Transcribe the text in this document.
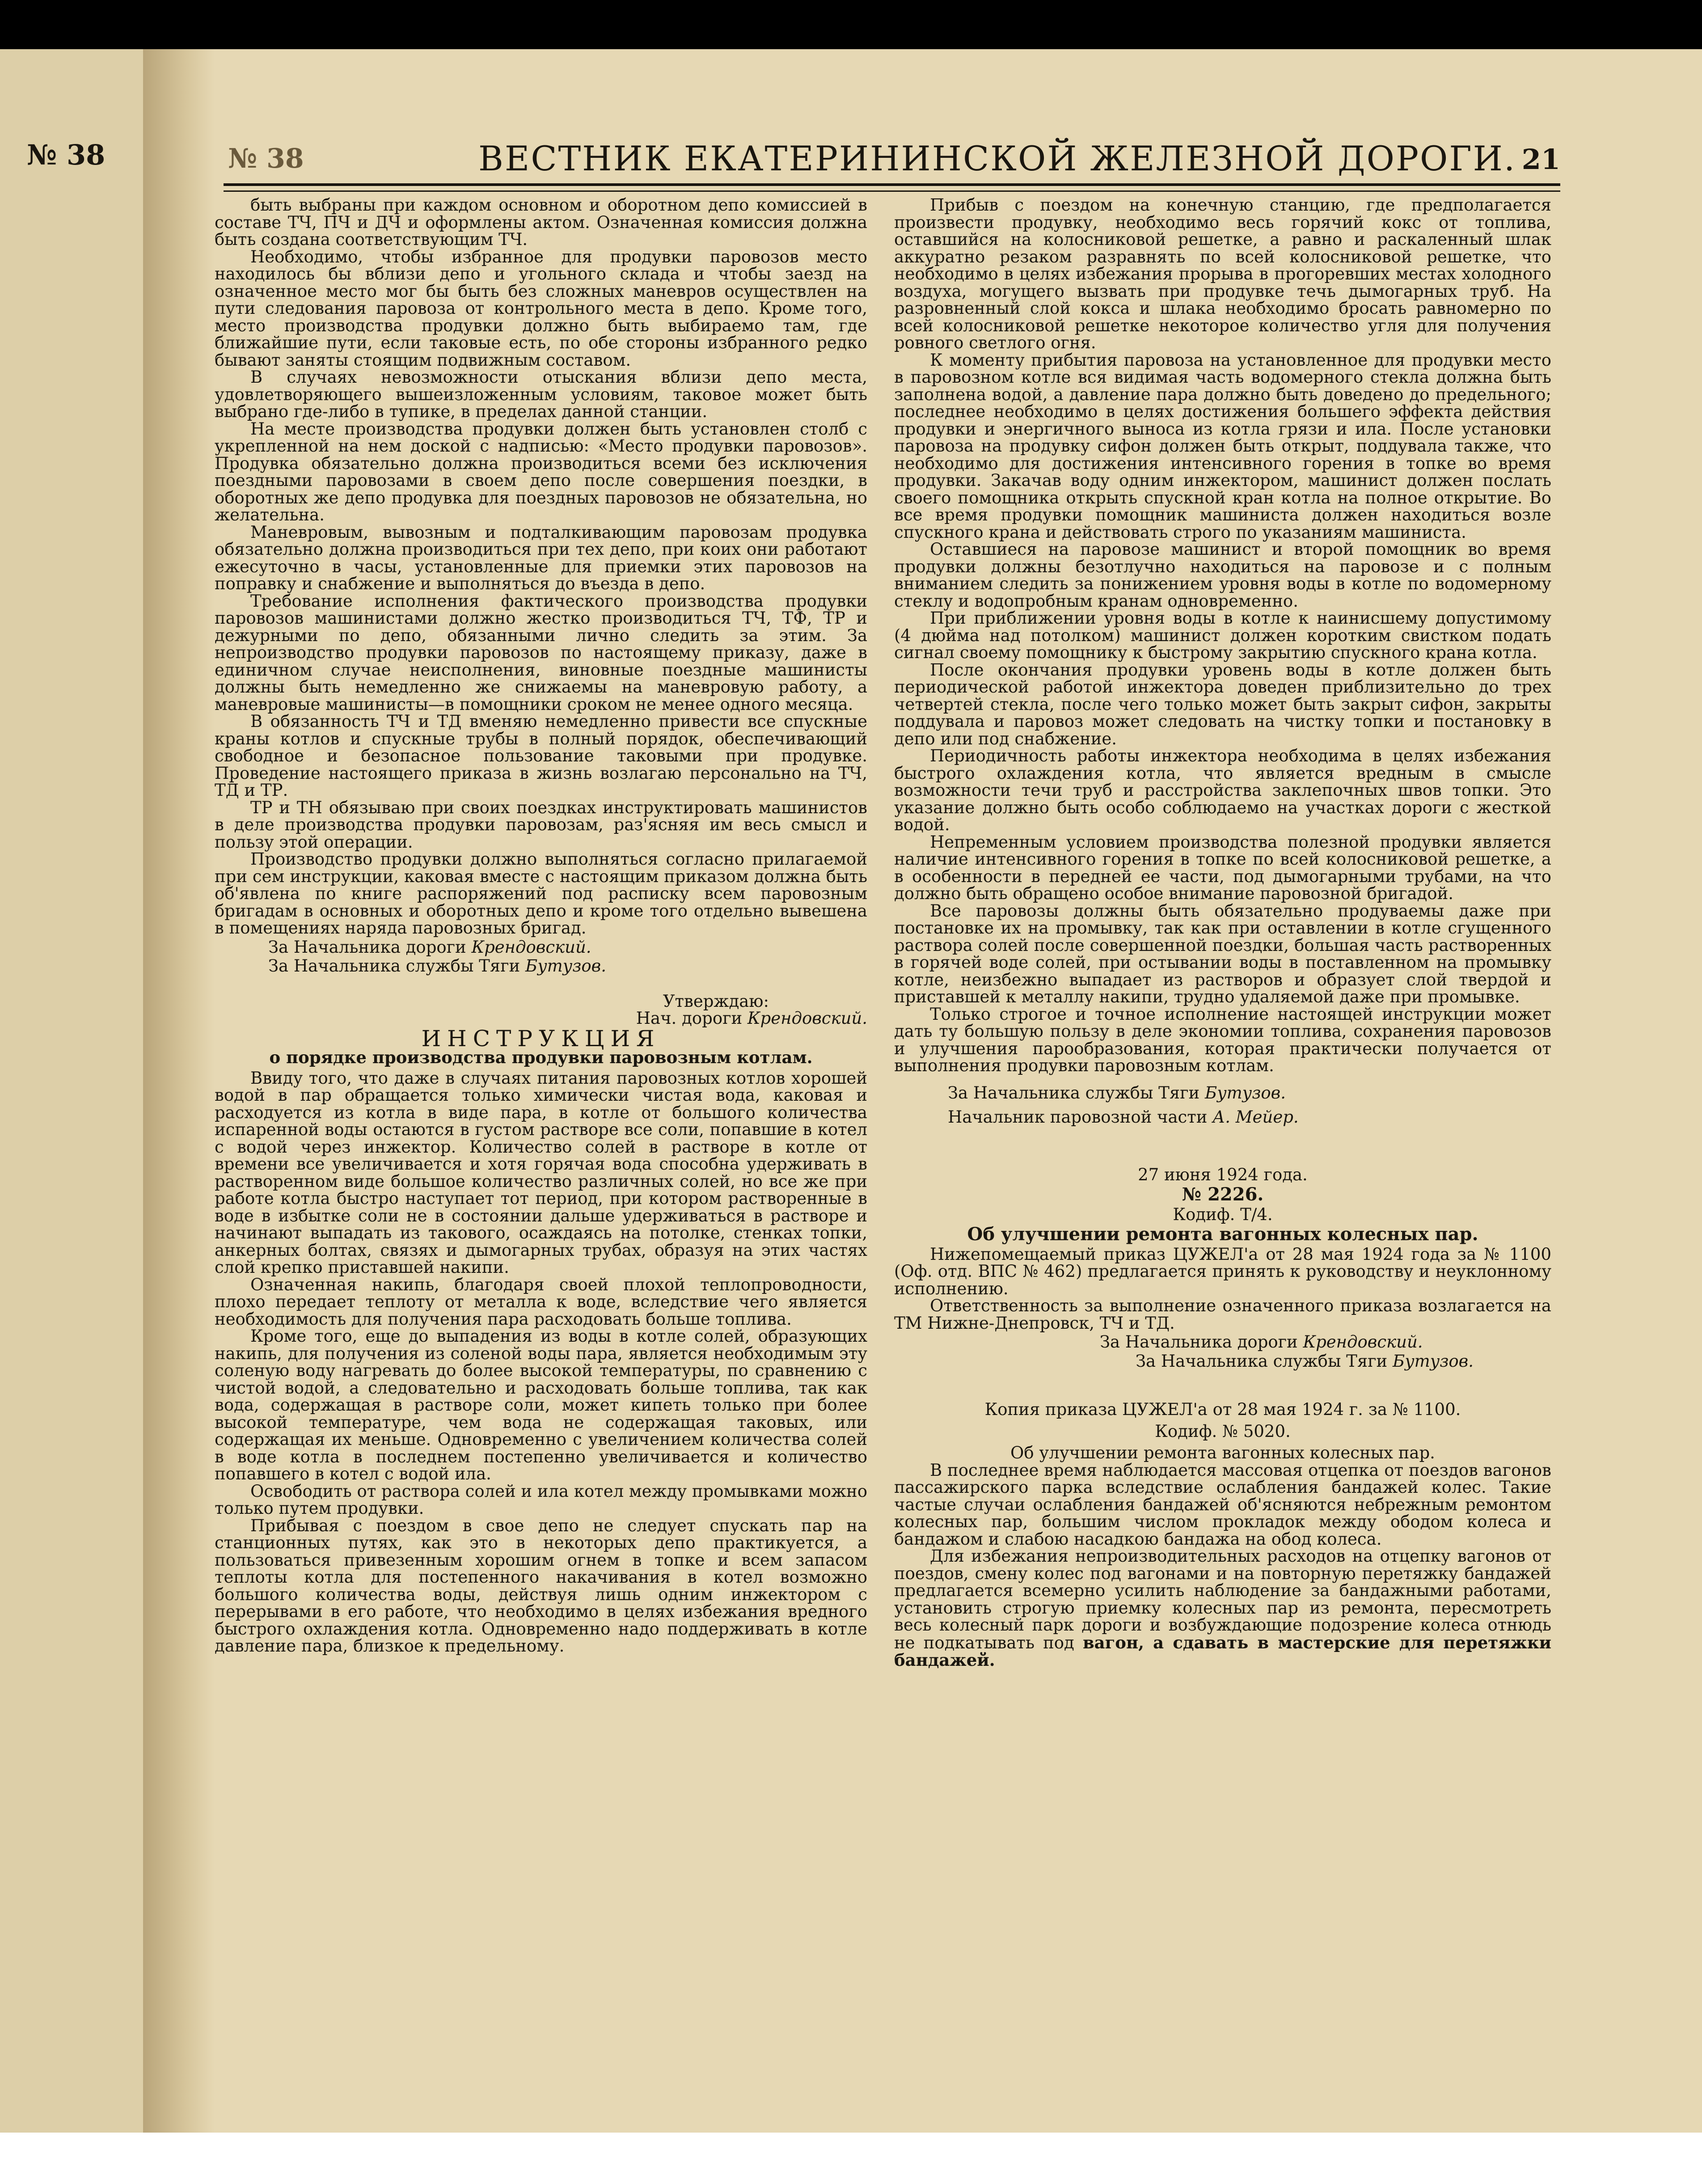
№ 38	№ 38	ВЕСТНИК ЕКАТЕРИНИНСКОЙ ЖЕЛЕЗНОЙ ДОРОГИ. 21

быть выбраны при каждом основном и оборотном депо комиссией в составе ТЧ, ПЧ и ДЧ и оформлены актом. Означенная комиссия должна быть создана соответствующим ТЧ.

Необходимо, чтобы избранное для продувки паровозов место находилось бы вблизи депо и угольного склада и чтобы заезд на означенное место мог бы быть без сложных маневров осуществлен на пути следования паровоза от контрольного места в депо. Кроме того, место производства продувки должно быть выбираемо там, где ближайшие пути, если таковые есть, по обе стороны избранного редко бывают заняты стоящим подвижным составом.

В случаях невозможности отыскания вблизи депо места, удовлетворяющего вышеизложенным условиям, таковое может быть выбрано где-либо в тупике, в пределах данной станции.

На месте производства продувки должен быть установлен столб с укрепленной на нем доской с надписью: «Место продувки паровозов». Продувка обязательно должна производиться всеми без исключения поездными паровозами в своем депо после совершения поездки, в оборотных же депо продувка для поездных паровозов не обязательна, но желательна.

Маневровым, вывозным и подталкивающим паровозам продувка обязательно должна производиться при тех депо, при коих они работают ежесуточно в часы, установленные для приемки этих паровозов на поправку и снабжение и выполняться до въезда в депо.

Требование исполнения фактического производства продувки паровозов машинистами должно жестко производиться ТЧ, ТФ, ТР и дежурными по депо, обязанными лично следить за этим. За непроизводство продувки паровозов по настоящему приказу, даже в единичном случае неисполнения, виновные поездные машинисты должны быть немедленно же снижаемы на маневровую работу, а маневровые машинисты—в помощники сроком не менее одного месяца.

В обязанность ТЧ и ТД вменяю немедленно привести все спускные краны котлов и спускные трубы в полный порядок, обеспечивающий свободное и безопасное пользование таковыми при продувке. Проведение настоящего приказа в жизнь возлагаю персонально на ТЧ, ТД и ТР.

ТР и ТН обязываю при своих поездках инструктировать машинистов в деле производства продувки паровозам, раз'ясняя им весь смысл и пользу этой операции.

Производство продувки должно выполняться согласно прилагаемой при сем инструкции, каковая вместе с настоящим приказом должна быть об'явлена по книге распоряжений под расписку всем паровозным бригадам в основных и оборотных депо и кроме того отдельно вывешена в помещениях наряда паровозных бригад.

За Начальника дороги Крендовский.
За Начальника службы Тяги Бутузов.
Утверждаю:
Нач. дороги Крендовский.
ИНСТРУКЦИЯ
о порядке производства продувки паровозным котлам.

Ввиду того, что даже в случаях питания паровозных котлов хорошей водой в пар обращается только химически чистая вода, каковая и расходуется из котла в виде пара, в котле от большого количества испаренной воды остаются в густом растворе все соли, попавшие в котел с водой через инжектор. Количество солей в растворе в котле от времени все увеличивается и хотя горячая вода способна удерживать в растворенном виде большое количество различных солей, но все же при работе котла быстро наступает тот период, при котором растворенные в воде в избытке соли не в состоянии дальше удерживаться в растворе и начинают выпадать из такового, осаждаясь на потолке, стенках топки, анкерных болтах, связях и дымогарных трубах, образуя на этих частях слой крепко приставшей накипи.

Означенная накипь, благодаря своей плохой теплопроводности, плохо передает теплоту от металла к воде, вследствие чего является необходимость для получения пара расходовать больше топлива.

Кроме того, еще до выпадения из воды в котле солей, образующих накипь, для получения из соленой воды пара, является необходимым эту соленую воду нагревать до более высокой температуры, по сравнению с чистой водой, а следовательно и расходовать больше топлива, так как вода, содержащая в растворе соли, может кипеть только при более высокой температуре, чем вода не содержащая таковых, или содержащая их меньше. Одновременно с увеличением количества солей в воде котла в последнем постепенно увеличивается и количество попавшего в котел с водой ила.

Освободить от раствора солей и ила котел между промывками можно только путем продувки.

Прибывая с поездом в свое депо не следует спускать пар на станционных путях, как это в некоторых депо практикуется, а пользоваться привезенным хорошим огнем в топке и всем запасом теплоты котла для постепенного накачивания в котел возможно большого количества воды, действуя лишь одним инжектором с перерывами в его работе, что необходимо в целях избежания вредного быстрого охлаждения котла. Одновременно надо поддерживать в котле давление пара, близкое к предельному.

Прибыв с поездом на конечную станцию, где предполагается произвести продувку, необходимо весь горячий кокс от топлива, оставшийся на колосниковой решетке, а равно и раскаленный шлак аккуратно резаком разравнять по всей колосниковой решетке, что необходимо в целях избежания прорыва в прогоревших местах холодного воздуха, могущего вызвать при продувке течь дымогарных труб. На разровненный слой кокса и шлака необходимо бросать равномерно по всей колосниковой решетке некоторое количество угля для получения ровного светлого огня.

К моменту прибытия паровоза на установленное для продувки место в паровозном котле вся видимая часть водомерного стекла должна быть заполнена водой, а давление пара должно быть доведено до предельного; последнее необходимо в целях достижения большего эффекта действия продувки и энергичного выноса из котла грязи и ила. После установки паровоза на продувку сифон должен быть открыт, поддувала также, что необходимо для достижения интенсивного горения в топке во время продувки. Закачав воду одним инжектором, машинист должен послать своего помощника открыть спускной кран котла на полное открытие. Во все время продувки помощник машиниста должен находиться возле спускного крана и действовать строго по указаниям машиниста.

Оставшиеся на паровозе машинист и второй помощник во время продувки должны безотлучно находиться на паровозе и с полным вниманием следить за понижением уровня воды в котле по водомерному стеклу и водопробным кранам одновременно.

При приближении уровня воды в котле к наинисшему допустимому (4 дюйма над потолком) машинист должен коротким свистком подать сигнал своему помощнику к быстрому закрытию спускного крана котла.

После окончания продувки уровень воды в котле должен быть периодической работой инжектора доведен приблизительно до трех четвертей стекла, после чего только может быть закрыт сифон, закрыты поддувала и паровоз может следовать на чистку топки и постановку в депо или под снабжение.

Периодичность работы инжектора необходима в целях избежания быстрого охлаждения котла, что является вредным в смысле возможности течи труб и расстройства заклепочных швов топки. Это указание должно быть особо соблюдаемо на участках дороги с жесткой водой.

Непременным условием производства полезной продувки является наличие интенсивного горения в топке по всей колосниковой решетке, а в особенности в передней ее части, под дымогарными трубами, на что должно быть обращено особое внимание паровозной бригадой.

Все паровозы должны быть обязательно продуваемы даже при постановке их на промывку, так как при оставлении в котле сгущенного раствора солей после совершенной поездки, большая часть растворенных в горячей воде солей, при остывании воды в поставленном на промывку котле, неизбежно выпадает из растворов и образует слой твердой и приставшей к металлу накипи, трудно удаляемой даже при промывке.

Только строгое и точное исполнение настоящей инструкции может дать ту большую пользу в деле экономии топлива, сохранения паровозов и улучшения парообразования, которая практически получается от выполнения продувки паровозным котлам.

За Начальника службы Тяги Бутузов.
Начальник паровозной части А. Мейер.
27 июня 1924 года.
№ 2226.
Кодиф. Т/4.
Об улучшении ремонта вагонных колесных пар.

Нижепомещаемый приказ ЦУЖЕЛ'а от 28 мая 1924 года за № 1100 (Оф. отд. ВПС № 462) предлагается принять к руководству и неуклонному исполнению.

Ответственность за выполнение означенного приказа возлагается на ТМ Нижне-Днепровск, ТЧ и ТД.

За Начальника дороги Крендовский.
За Начальника службы Тяги Бутузов.
Копия приказа ЦУЖЕЛ'а от 28 мая 1924 г. за № 1100.
Кодиф. № 5020.
Об улучшении ремонта вагонных колесных пар.

В последнее время наблюдается массовая отцепка от поездов вагонов пассажирского парка вследствие ослабления бандажей колес. Такие частые случаи ослабления бандажей об'ясняются небрежным ремонтом колесных пар, большим числом прокладок между ободом колеса и бандажом и слабою насадкою бандажа на обод колеса.

Для избежания непроизводительных расходов на отцепку вагонов от поездов, смену колес под вагонами и на повторную перетяжку бандажей предлагается всемерно усилить наблюдение за бандажными работами, установить строгую приемку колесных пар из ремонта, пересмотреть весь колесный парк дороги и возбуждающие подозрение колеса отнюдь не подкатывать под вагон, а сдавать в мастерские для перетяжки бандажей.
